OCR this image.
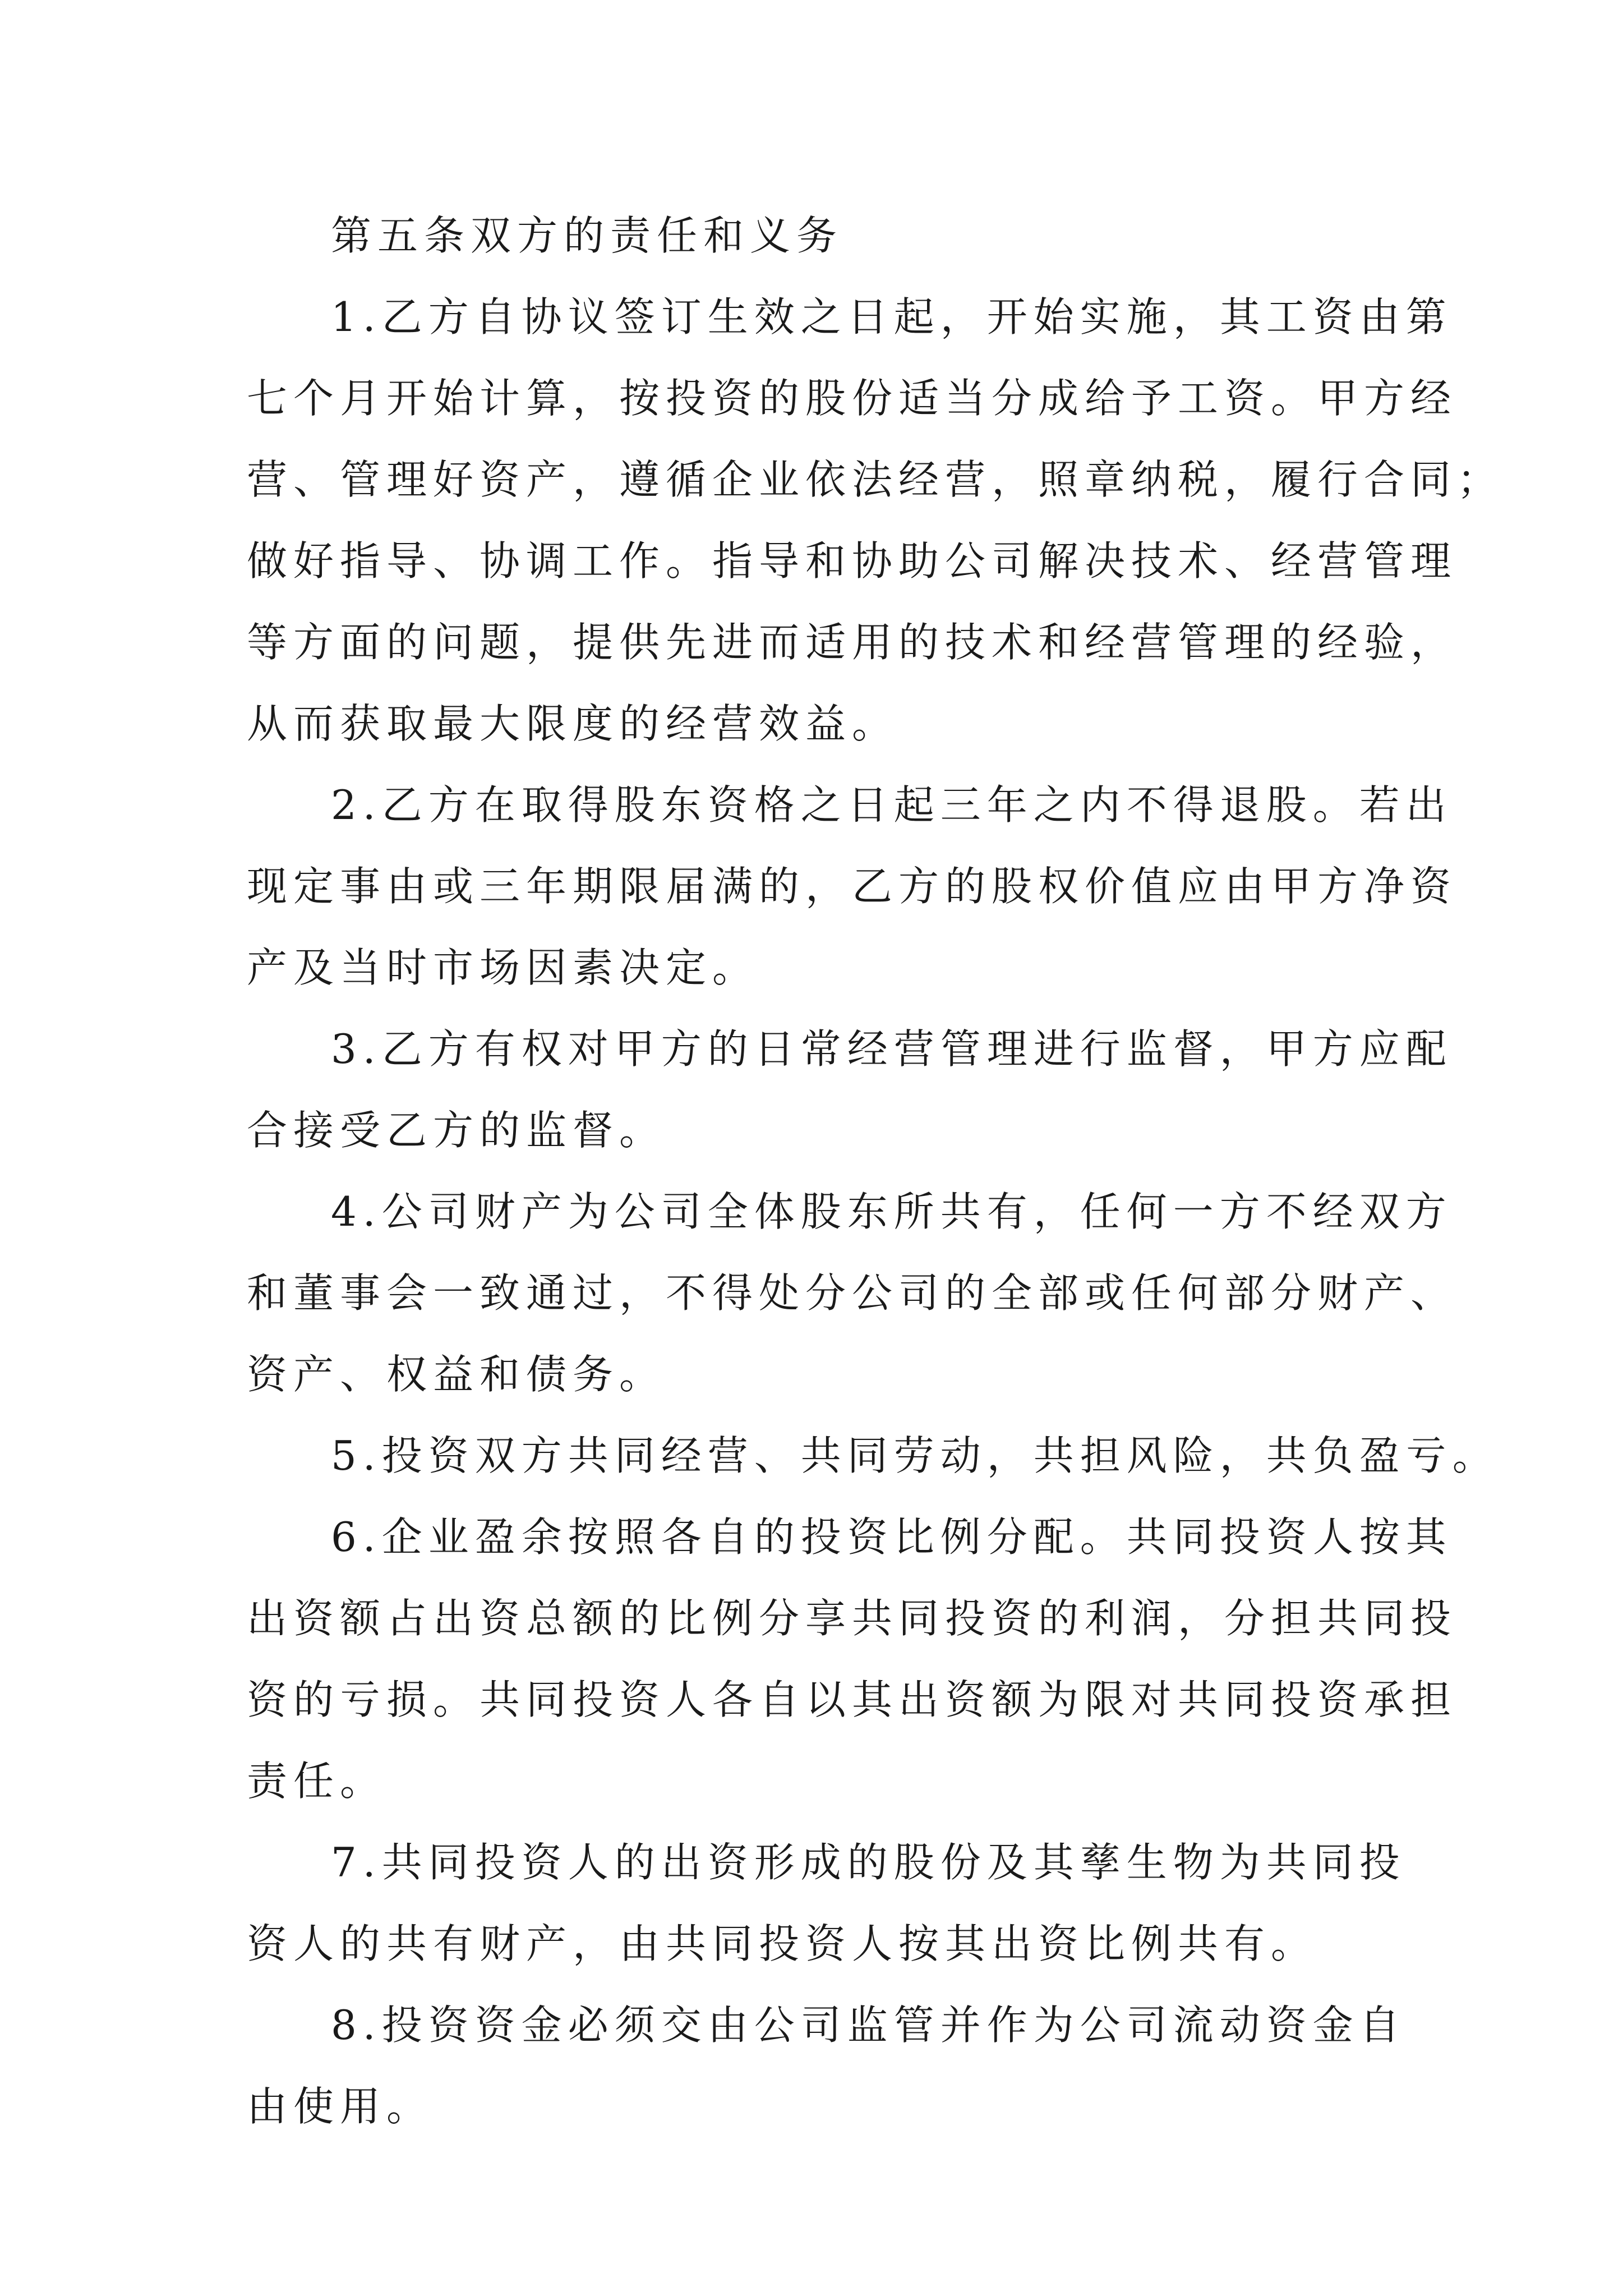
第五条双方的责任和义务
1.乙方自协议签订生效之日起，开始实施，其工资由第
七个月开始计算，按投资的股份适当分成给予工资。甲方经
营、管理好资产，遵循企业依法经营，照章纳税，履行合同；
做好指导、协调工作。指导和协助公司解决技术、经营管理
等方面的问题，提供先进而适用的技术和经营管理的经验，
从而获取最大限度的经营效益。
2.乙方在取得股东资格之日起三年之内不得退股。若出
现定事由或三年期限届满的，乙方的股权价值应由甲方净资
产及当时市场因素决定。
3.乙方有权对甲方的日常经营管理进行监督，甲方应配
合接受乙方的监督。
4.公司财产为公司全体股东所共有，任何一方不经双方
和董事会一致通过，不得处分公司的全部或任何部分财产、
资产、权益和债务。
5.投资双方共同经营、共同劳动，共担风险，共负盈亏。
6.企业盈余按照各自的投资比例分配。共同投资人按其
出资额占出资总额的比例分享共同投资的利润，分担共同投
资的亏损。共同投资人各自以其出资额为限对共同投资承担
责任。
7.共同投资人的出资形成的股份及其孳生物为共同投
资人的共有财产，由共同投资人按其出资比例共有。
8.投资资金必须交由公司监管并作为公司流动资金自
由使用。
